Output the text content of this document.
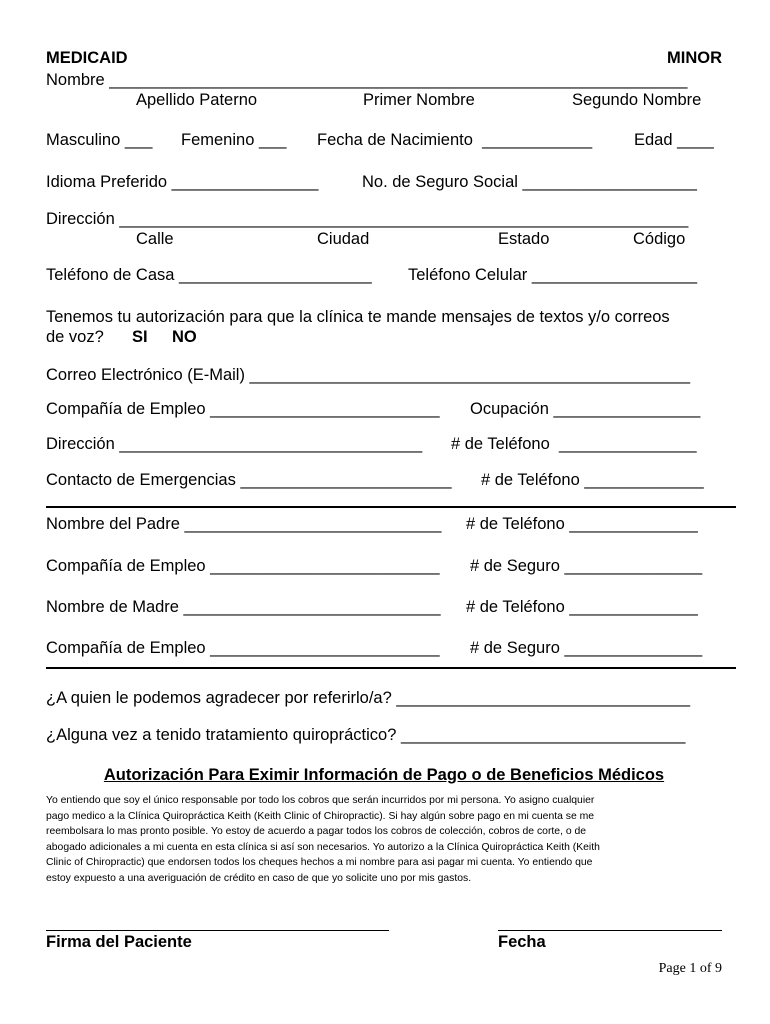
MEDICAID	MINOR
Nombre _______________________________________________________________
Apellido Paterno	Primer Nombre	Segundo Nombre
Masculino ___ Femenino ___ Fecha de Nacimiento  ____________	Edad ____
Idioma Preferido ________________	No. de Seguro Social ___________________
Dirección ______________________________________________________________
Calle	Ciudad	Estado	Código
Teléfono de Casa _____________________ Teléfono Celular __________________
Tenemos tu autorización para que la clínica te mande mensajes de textos y/o correos
de voz? SI NO
Correo Electrónico (E-Mail) ________________________________________________
Compañía de Empleo _________________________ Ocupación ________________
Dirección _________________________________ # de Teléfono  _______________
Contacto de Emergencias _______________________ # de Teléfono _____________
Nombre del Padre ____________________________ # de Teléfono ______________
Compañía de Empleo _________________________ # de Seguro _______________
Nombre de Madre ____________________________ # de Teléfono ______________
Compañía de Empleo _________________________ # de Seguro _______________
¿A quien le podemos agradecer por referirlo/a? ________________________________
¿Alguna vez a tenido tratamiento quiropráctico? _______________________________
Autorización Para Eximir Información de Pago o de Beneficios Médicos
Yo entiendo que soy el único responsable por todo los cobros que serán incurridos por mi persona. Yo asigno cualquier
pago medico a la Clínica Quiropráctica Keith (Keith Clinic of Chiropractic). Si hay algún sobre pago en mi cuenta se me
reembolsara lo mas pronto posible. Yo estoy de acuerdo a pagar todos los cobros de colección, cobros de corte, o de
abogado adicionales a mi cuenta en esta clínica si así son necesarios. Yo autorizo a la Clínica Quiropráctica Keith (Keith
Clinic of Chiropractic) que endorsen todos los cheques hechos a mi nombre para asi pagar mi cuenta. Yo entiendo que
estoy expuesto a una averiguación de crédito en caso de que yo solicite uno por mis gastos.
Firma del Paciente	Fecha
Page 1 of 9
